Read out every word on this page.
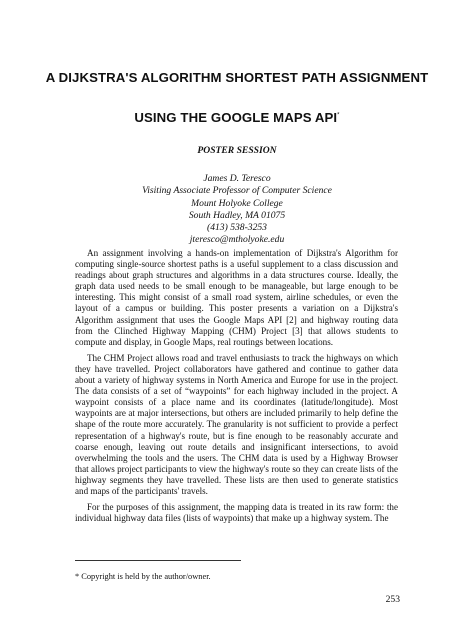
A DIJKSTRA'S ALGORITHM SHORTEST PATH ASSIGNMENT
USING THE GOOGLE MAPS API*
POSTER SESSION
James D. Teresco
Visiting Associate Professor of Computer Science
Mount Holyoke College
South Hadley, MA 01075
(413) 538-3253
jteresco@mtholyoke.edu

An assignment involving a hands-on implementation of Dijkstra's Algorithm for computing single-source shortest paths is a useful supplement to a class discussion and readings about graph structures and algorithms in a data structures course. Ideally, the graph data used needs to be small enough to be manageable, but large enough to be interesting. This might consist of a small road system, airline schedules, or even the layout of a campus or building. This poster presents a variation on a Dijkstra's Algorithm assignment that uses the Google Maps API [2] and highway routing data from the Clinched Highway Mapping (CHM) Project [3] that allows students to compute and display, in Google Maps, real routings between locations.

The CHM Project allows road and travel enthusiasts to track the highways on which they have travelled. Project collaborators have gathered and continue to gather data about a variety of highway systems in North America and Europe for use in the project. The data consists of a set of “waypoints” for each highway included in the project. A waypoint consists of a place name and its coordinates (latitude/longitude). Most waypoints are at major intersections, but others are included primarily to help define the shape of the route more accurately. The granularity is not sufficient to provide a perfect representation of a highway's route, but is fine enough to be reasonably accurate and coarse enough, leaving out route details and insignificant intersections, to avoid overwhelming the tools and the users. The CHM data is used by a Highway Browser that allows project participants to view the highway's route so they can create lists of the highway segments they have travelled. These lists are then used to generate statistics and maps of the participants' travels.

For the purposes of this assignment, the mapping data is treated in its raw form: the individual highway data files (lists of waypoints) that make up a highway system. The

* Copyright is held by the author/owner.
253
